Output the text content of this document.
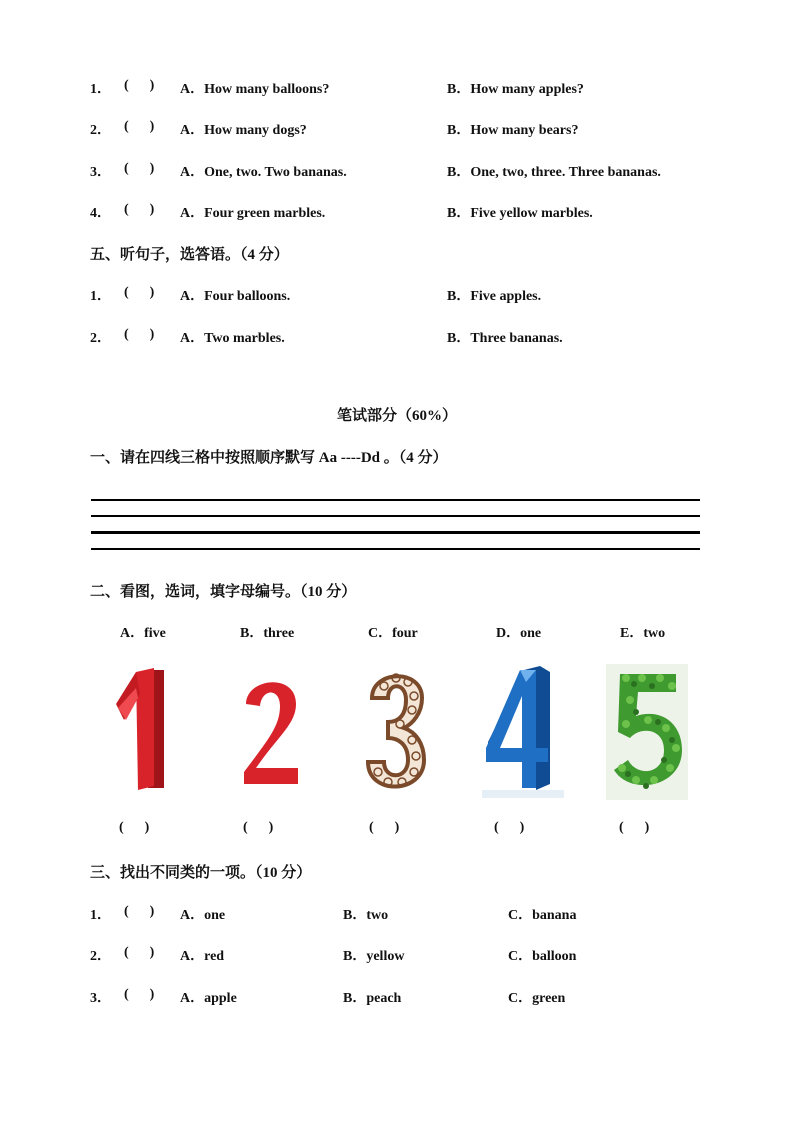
1． (      ) A．How many balloons?	B．How many apples?
2． (      ) A．How many dogs?	B．How many bears?
3． (      ) A．One, two. Two bananas.	B．One, two, three. Three bananas.
4． (      ) A．Four green marbles.	B．Five yellow marbles.
五、听句子，选答语。（4 分）
1． (      ) A．Four balloons.	B．Five apples.
2． (      ) A．Two marbles.	B．Three bananas.
笔试部分（60%）
一、请在四线三格中按照顺序默写 Aa ----Dd 。（4 分）
二、看图，选词，填字母编号。（10 分）
A．five	B．three	C．four	D．one	E．two
(      )	(      )	(      )	(      )	(      )
三、找出不同类的一项。（10 分）
1． (      ) A．one	B．two	C．banana
2． (      ) A．red	B．yellow	C．balloon
3． (      ) A．apple	B．peach	C．green
